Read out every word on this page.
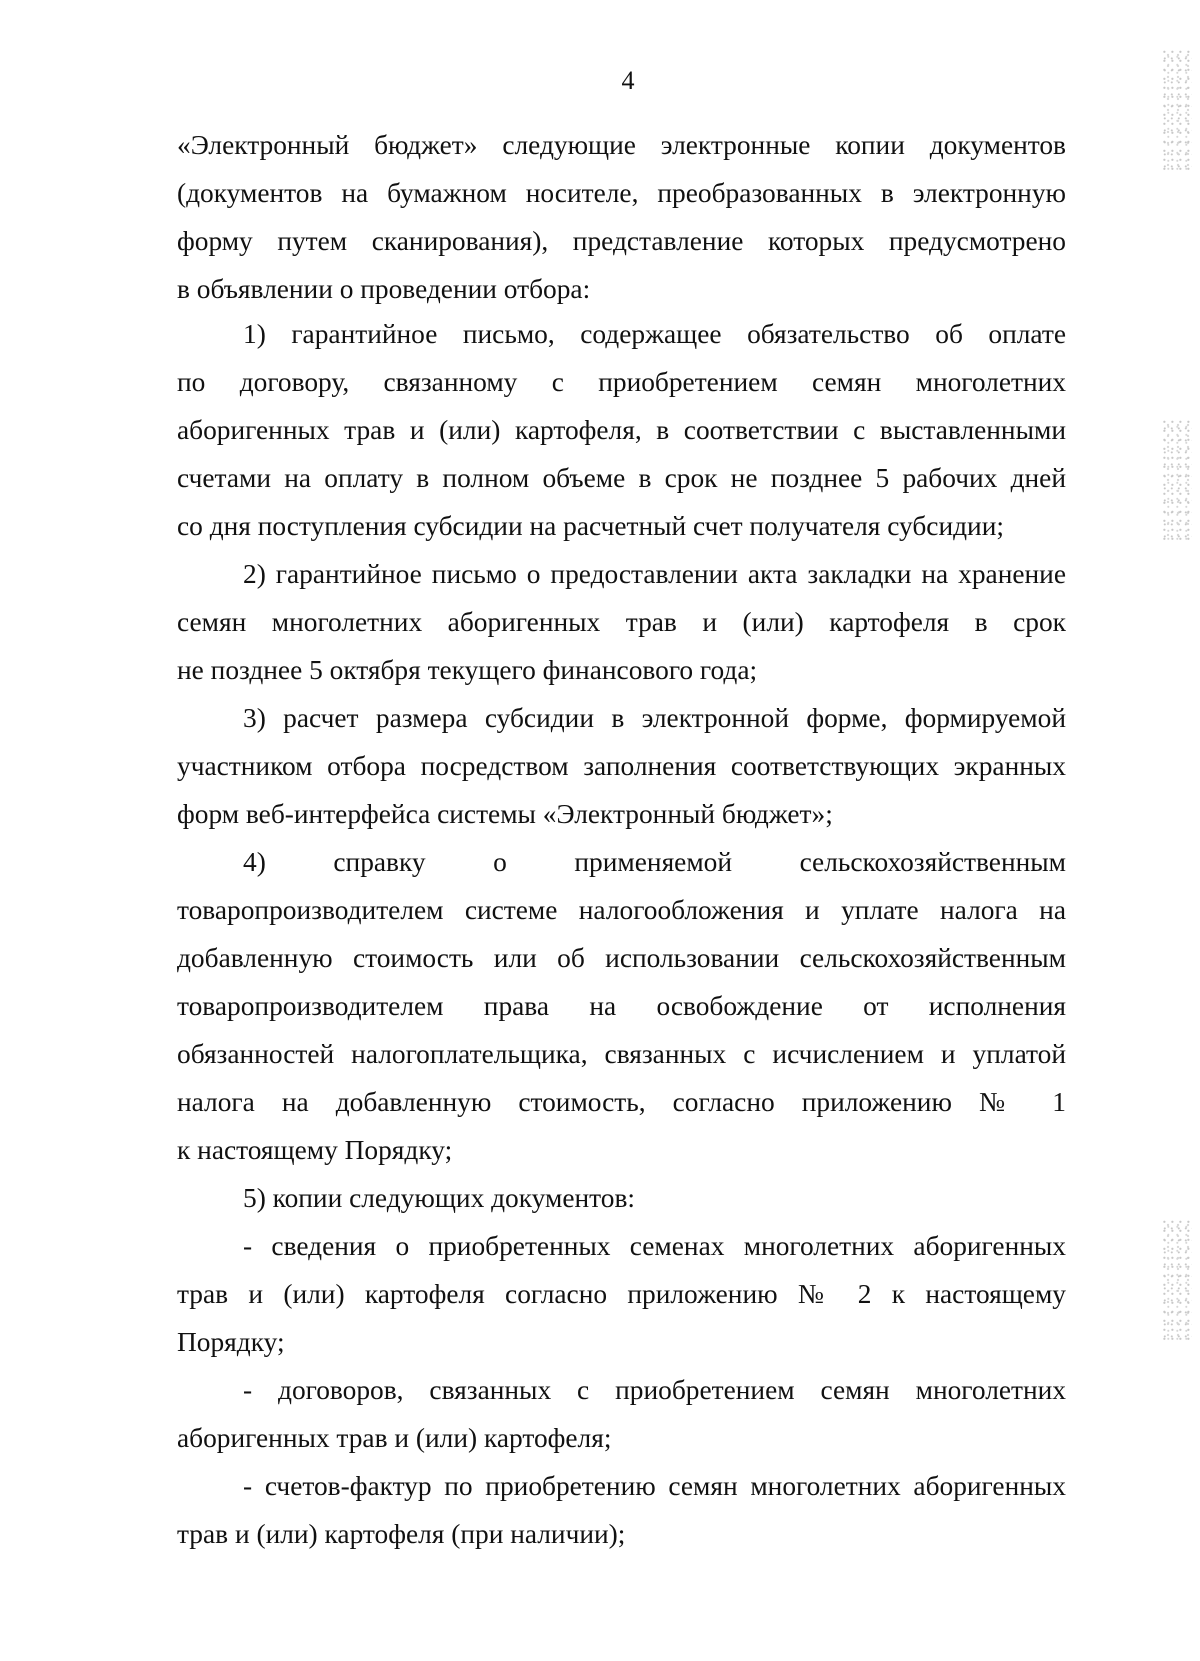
4
«Электронный бюджет» следующие электронные копии документов
(документов на бумажном носителе, преобразованных в электронную
форму путем сканирования), представление которых предусмотрено
в объявлении о проведении отбора:
1) гарантийное письмо, содержащее обязательство об оплате
по договору, связанному с приобретением семян многолетних
аборигенных трав и (или) картофеля, в соответствии с выставленными
счетами на оплату в полном объеме в срок не позднее 5 рабочих дней
со дня поступления субсидии на расчетный счет получателя субсидии;
2) гарантийное письмо о предоставлении акта закладки на хранение
семян многолетних аборигенных трав и (или) картофеля в срок
не позднее 5 октября текущего финансового года;
3) расчет размера субсидии в электронной форме, формируемой
участником отбора посредством заполнения соответствующих экранных
форм веб-интерфейса системы «Электронный бюджет»;
4) справку о применяемой сельскохозяйственным
товаропроизводителем системе налогообложения и уплате налога на
добавленную стоимость или об использовании сельскохозяйственным
товаропроизводителем права на освобождение от исполнения
обязанностей налогоплательщика, связанных с исчислением и уплатой
налога на добавленную стоимость, согласно приложению № 1
к настоящему Порядку;
5) копии следующих документов:
- сведения о приобретенных семенах многолетних аборигенных
трав и (или) картофеля согласно приложению № 2 к настоящему
Порядку;
- договоров, связанных с приобретением семян многолетних
аборигенных трав и (или) картофеля;
- счетов-фактур по приобретению семян многолетних аборигенных
трав и (или) картофеля (при наличии);
